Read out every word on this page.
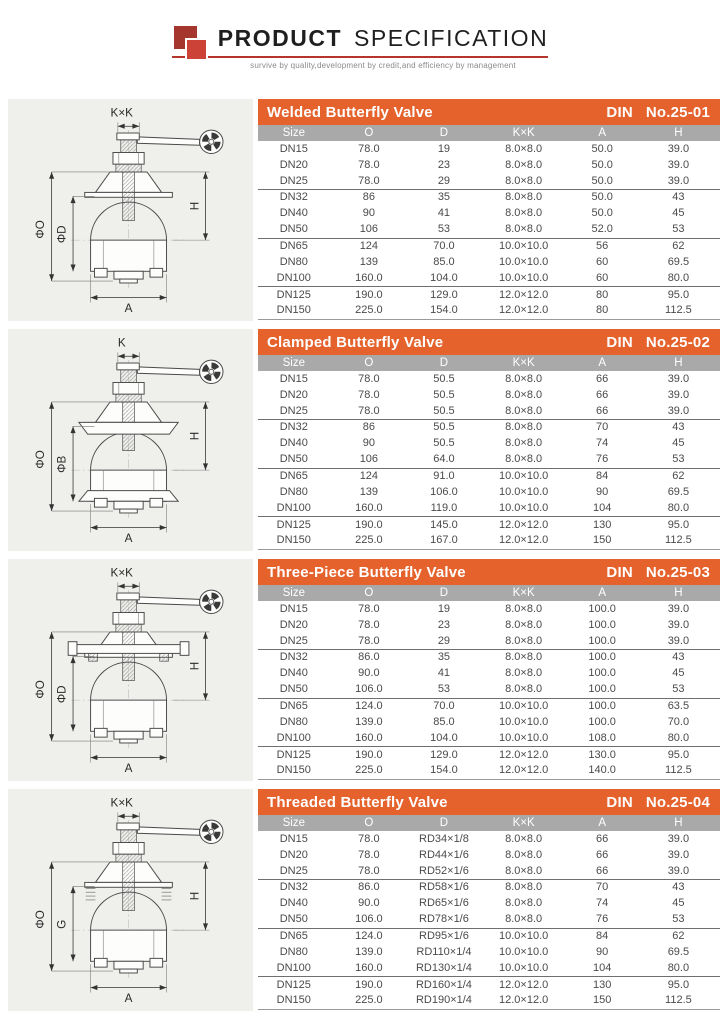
PRODUCT SPECIFICATION
survive by quality,development by credit,and efficiency by management
K×K
ΦO ΦD
H
A
Welded Butterfly Valve	DIN No.25-01
Size	O	D	K×K	A	H
DN15	78.0	19	8.0×8.0	50.0	39.0
DN20	78.0	23	8.0×8.0	50.0	39.0
DN25	78.0	29	8.0×8.0	50.0	39.0
DN32	86	35	8.0×8.0	50.0	43
DN40	90	41	8.0×8.0	50.0	45
DN50	106	53	8.0×8.0	52.0	53
DN65	124	70.0	10.0×10.0	56	62
DN80	139	85.0	10.0×10.0	60	69.5
DN100	160.0	104.0	10.0×10.0	60	80.0
DN125	190.0	129.0	12.0×12.0	80	95.0
DN150	225.0	154.0	12.0×12.0	80	112.5
K
ΦO ΦB
H
A
Clamped Butterfly Valve	DIN No.25-02
Size	O	D	K×K	A	H
DN15	78.0	50.5	8.0×8.0	66	39.0
DN20	78.0	50.5	8.0×8.0	66	39.0
DN25	78.0	50.5	8.0×8.0	66	39.0
DN32	86	50.5	8.0×8.0	70	43
DN40	90	50.5	8.0×8.0	74	45
DN50	106	64.0	8.0×8.0	76	53
DN65	124	91.0	10.0×10.0	84	62
DN80	139	106.0	10.0×10.0	90	69.5
DN100	160.0	119.0	10.0×10.0	104	80.0
DN125	190.0	145.0	12.0×12.0	130	95.0
DN150	225.0	167.0	12.0×12.0	150	112.5
K×K
ΦO ΦD
H
A
Three-Piece Butterfly Valve	DIN No.25-03
Size	O	D	K×K	A	H
DN15	78.0	19	8.0×8.0	100.0	39.0
DN20	78.0	23	8.0×8.0	100.0	39.0
DN25	78.0	29	8.0×8.0	100.0	39.0
DN32	86.0	35	8.0×8.0	100.0	43
DN40	90.0	41	8.0×8.0	100.0	45
DN50	106.0	53	8.0×8.0	100.0	53
DN65	124.0	70.0	10.0×10.0	100.0	63.5
DN80	139.0	85.0	10.0×10.0	100.0	70.0
DN100	160.0	104.0	10.0×10.0	108.0	80.0
DN125	190.0	129.0	12.0×12.0	130.0	95.0
DN150	225.0	154.0	12.0×12.0	140.0	112.5
K×K
ΦO G
H
A
Threaded Butterfly Valve	DIN No.25-04
Size	O	D	K×K	A	H
DN15	78.0	RD34×1/8	8.0×8.0	66	39.0
DN20	78.0	RD44×1/6	8.0×8.0	66	39.0
DN25	78.0	RD52×1/6	8.0×8.0	66	39.0
DN32	86.0	RD58×1/6	8.0×8.0	70	43
DN40	90.0	RD65×1/6	8.0×8.0	74	45
DN50	106.0	RD78×1/6	8.0×8.0	76	53
DN65	124.0	RD95×1/6	10.0×10.0	84	62
DN80	139.0	RD110×1/4	10.0×10.0	90	69.5
DN100	160.0	RD130×1/4	10.0×10.0	104	80.0
DN125	190.0	RD160×1/4	12.0×12.0	130	95.0
DN150	225.0	RD190×1/4	12.0×12.0	150	112.5
